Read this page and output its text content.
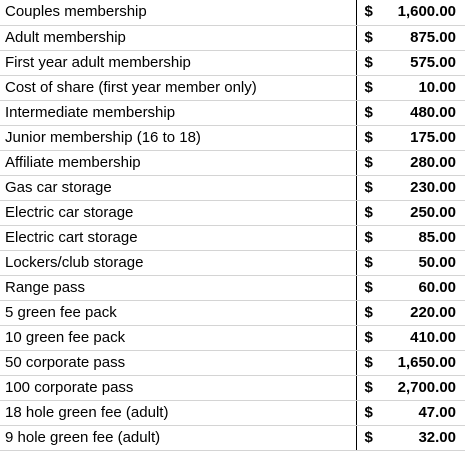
Couples membership	$ 1,600.00

Adult membership	$ 875.00

First year adult membership	$ 575.00

Cost of share (first year member only)	$ 10.00

Intermediate membership	$ 480.00

Junior membership (16 to 18)	$ 175.00

Affiliate membership	$ 280.00

Gas car storage	$ 230.00

Electric car storage	$ 250.00

Electric cart storage	$ 85.00

Lockers/club storage	$ 50.00

Range pass	$ 60.00

5 green fee pack	$ 220.00

10 green fee pack	$ 410.00

50 corporate pass	$ 1,650.00

100 corporate pass	$ 2,700.00

18 hole green fee (adult)	$ 47.00

9 hole green fee (adult)	$ 32.00
